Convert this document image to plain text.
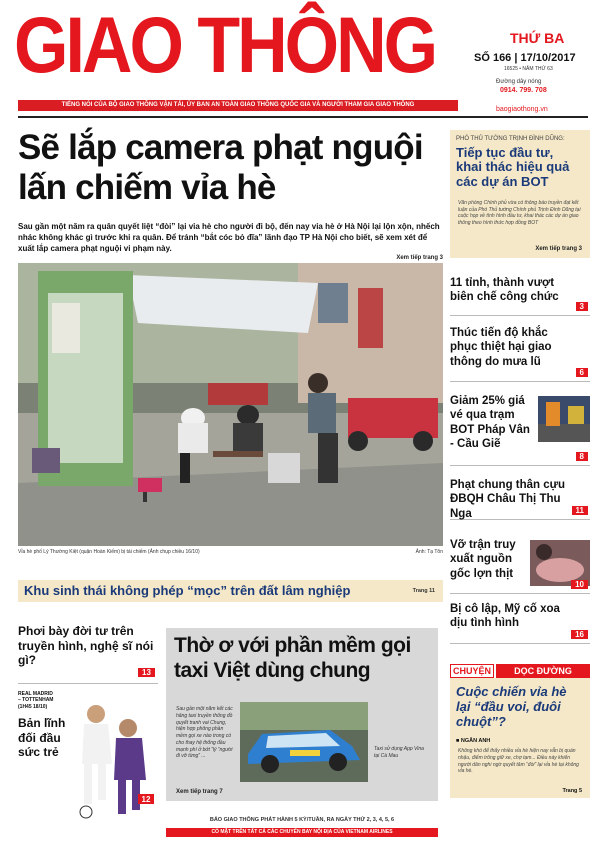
GIAO THÔNG	THỨ BA
SỐ 166 | 17/10/2017
16525 • NĂM THỨ 63
Đường dây nóng
0914. 799. 708
baogiaothong.vn
TIẾNG NÓI CỦA BỘ GIAO THÔNG VẬN TẢI, ỦY BAN AN TOÀN GIAO THÔNG QUỐC GIA VÀ NGƯỜI THAM GIA GIAO THÔNG
Sẽ lắp camera phạt nguội
lấn chiếm vỉa hè
Sau gần một năm ra quân quyết liệt “đòi” lại vỉa hè cho người đi bộ, đến nay vỉa hè ở Hà Nội lại lộn xộn, nhếch nhác không khác gì trước khi ra quân. Để tránh “bắt cóc bỏ đĩa” lãnh đạo TP Hà Nội cho biết, sẽ xem xét để xuất lắp camera phạt nguội vi phạm này.
Xem tiếp trang 3
Vỉa hè phố Lý Thường Kiệt (quận Hoàn Kiếm) bị tái chiếm (Ảnh chụp chiều 16/10)	Ảnh: Tạ Tôn
Khu sinh thái không phép “mọc” trên đất lâm nghiệp	Trang 11
PHÓ THỦ TƯỚNG TRỊNH ĐÌNH DŨNG:
Tiếp tục đầu tư, khai thác hiệu quả các dự án BOT
Văn phòng Chính phủ vừa có thông báo truyền đạt kết luận của Phó Thủ tướng Chính phủ Trịnh Đình Dũng tại cuộc họp về tình hình đầu tư, khai thác các dự án giao thông theo hình thức hợp đồng BOT
Xem tiếp trang 3
11 tỉnh, thành vượt biên chế công chức
3
Thúc tiến độ khắc phục thiệt hại giao thông do mưa lũ
6
Giảm 25% giá vé qua trạm BOT Pháp Vân - Cầu Giẽ
8
Phạt chung thân cựu ĐBQH Châu Thị Thu Nga	11
Vỡ trận truy xuất nguồn gốc lợn thịt
10
Bị cô lập, Mỹ cố xoa dịu tình hình
16
Phơi bày đời tư trên truyền hình, nghệ sĩ nói gì?
13
REAL MADRID
– TOTTENHAM
(1H45 18/10)
Bản lĩnh đối đầu sức trẻ
12
Thờ ơ với phần mềm gọi taxi Việt dùng chung
Sau gần một năm kết các hãng taxi truyền thống đồ quyết tranh vai Chung, hiện hợp phông phần mềm gọi xe nào trong có cho thay hệ thống đầu mạnh phí ở bớt “lý “người đi vỡ từng” ...
Taxi sử dụng App Vina tại Cà Mau
Xem tiếp trang 7
CHUYỆN	DỌC ĐƯỜNG
Cuộc chiến vỉa hè lại “đầu voi, đuôi chuột”?
■ NGÂN ANH
Không khó để thấy nhiều vỉa hè hiện nay vẫn bị quán nhậu, điểm trông giữ xe, chợ tạm... Điều này khiến người dân nghi ngờ quyết tâm “đòi” lại vỉa hè tại không vỉa hè.
Trang 5
BÁO GIAO THÔNG PHÁT HÀNH 5 KỲ/TUẦN, RA NGÀY THỨ 2, 3, 4, 5, 6
CÓ MẶT TRÊN TẤT CẢ CÁC CHUYẾN BAY NỘI ĐỊA CỦA VIETNAM AIRLINES
